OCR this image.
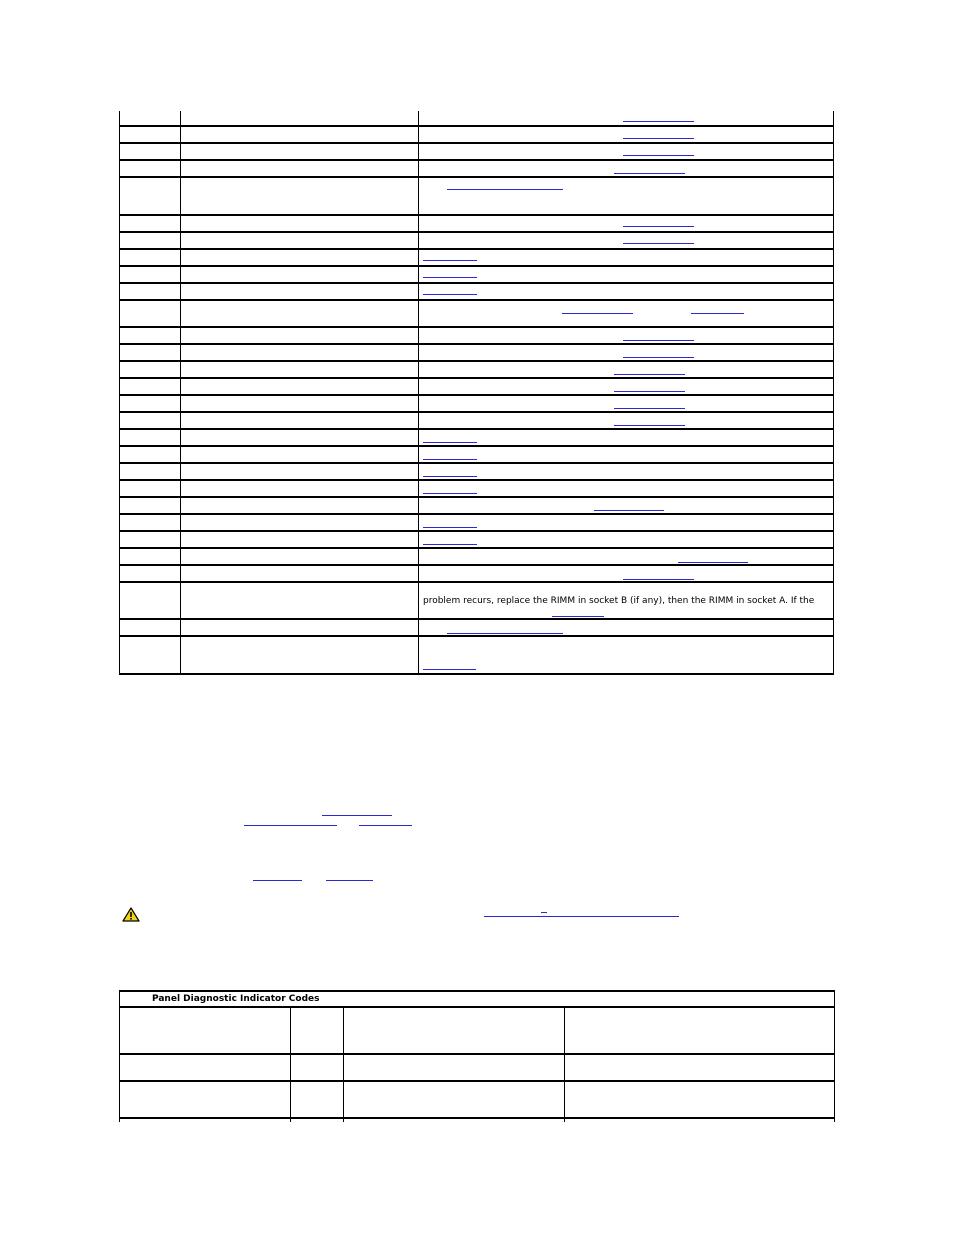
problem recurs, replace the RIMM in socket B (if any), then the RIMM in socket A. If the
Panel Diagnostic Indicator Codes
